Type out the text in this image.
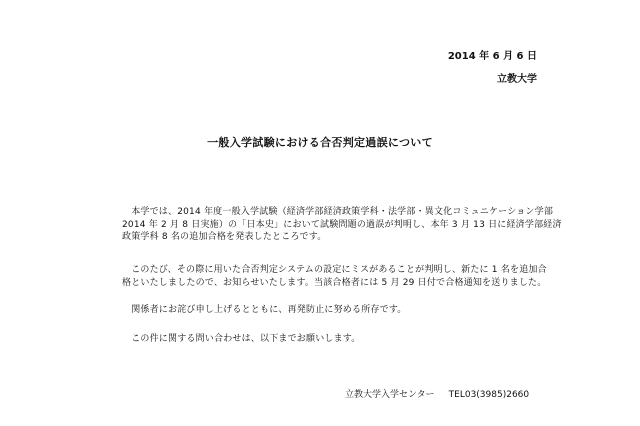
2014 年 6 月 6 日
立教大学
一般入学試験における合否判定過誤について
　本学では、2014 年度一般入学試験（経済学部経済政策学科・法学部・異文化コミュニケーション学部
2014 年 2 月 8 日実施）の「日本史」において試験問題の過誤が判明し、本年 3 月 13 日に経済学部経済
政策学科 8 名の追加合格を発表したところです。
　このたび、その際に用いた合否判定システムの設定にミスがあることが判明し、新たに 1 名を追加合
格といたしましたので、お知らせいたします。当該合格者には 5 月 29 日付で合格通知を送りました。
　関係者にお詫び申し上げるとともに、再発防止に努める所存です。
　この件に関する問い合わせは、以下までお願いします。
立教大学入学センター TEL03(3985)2660
